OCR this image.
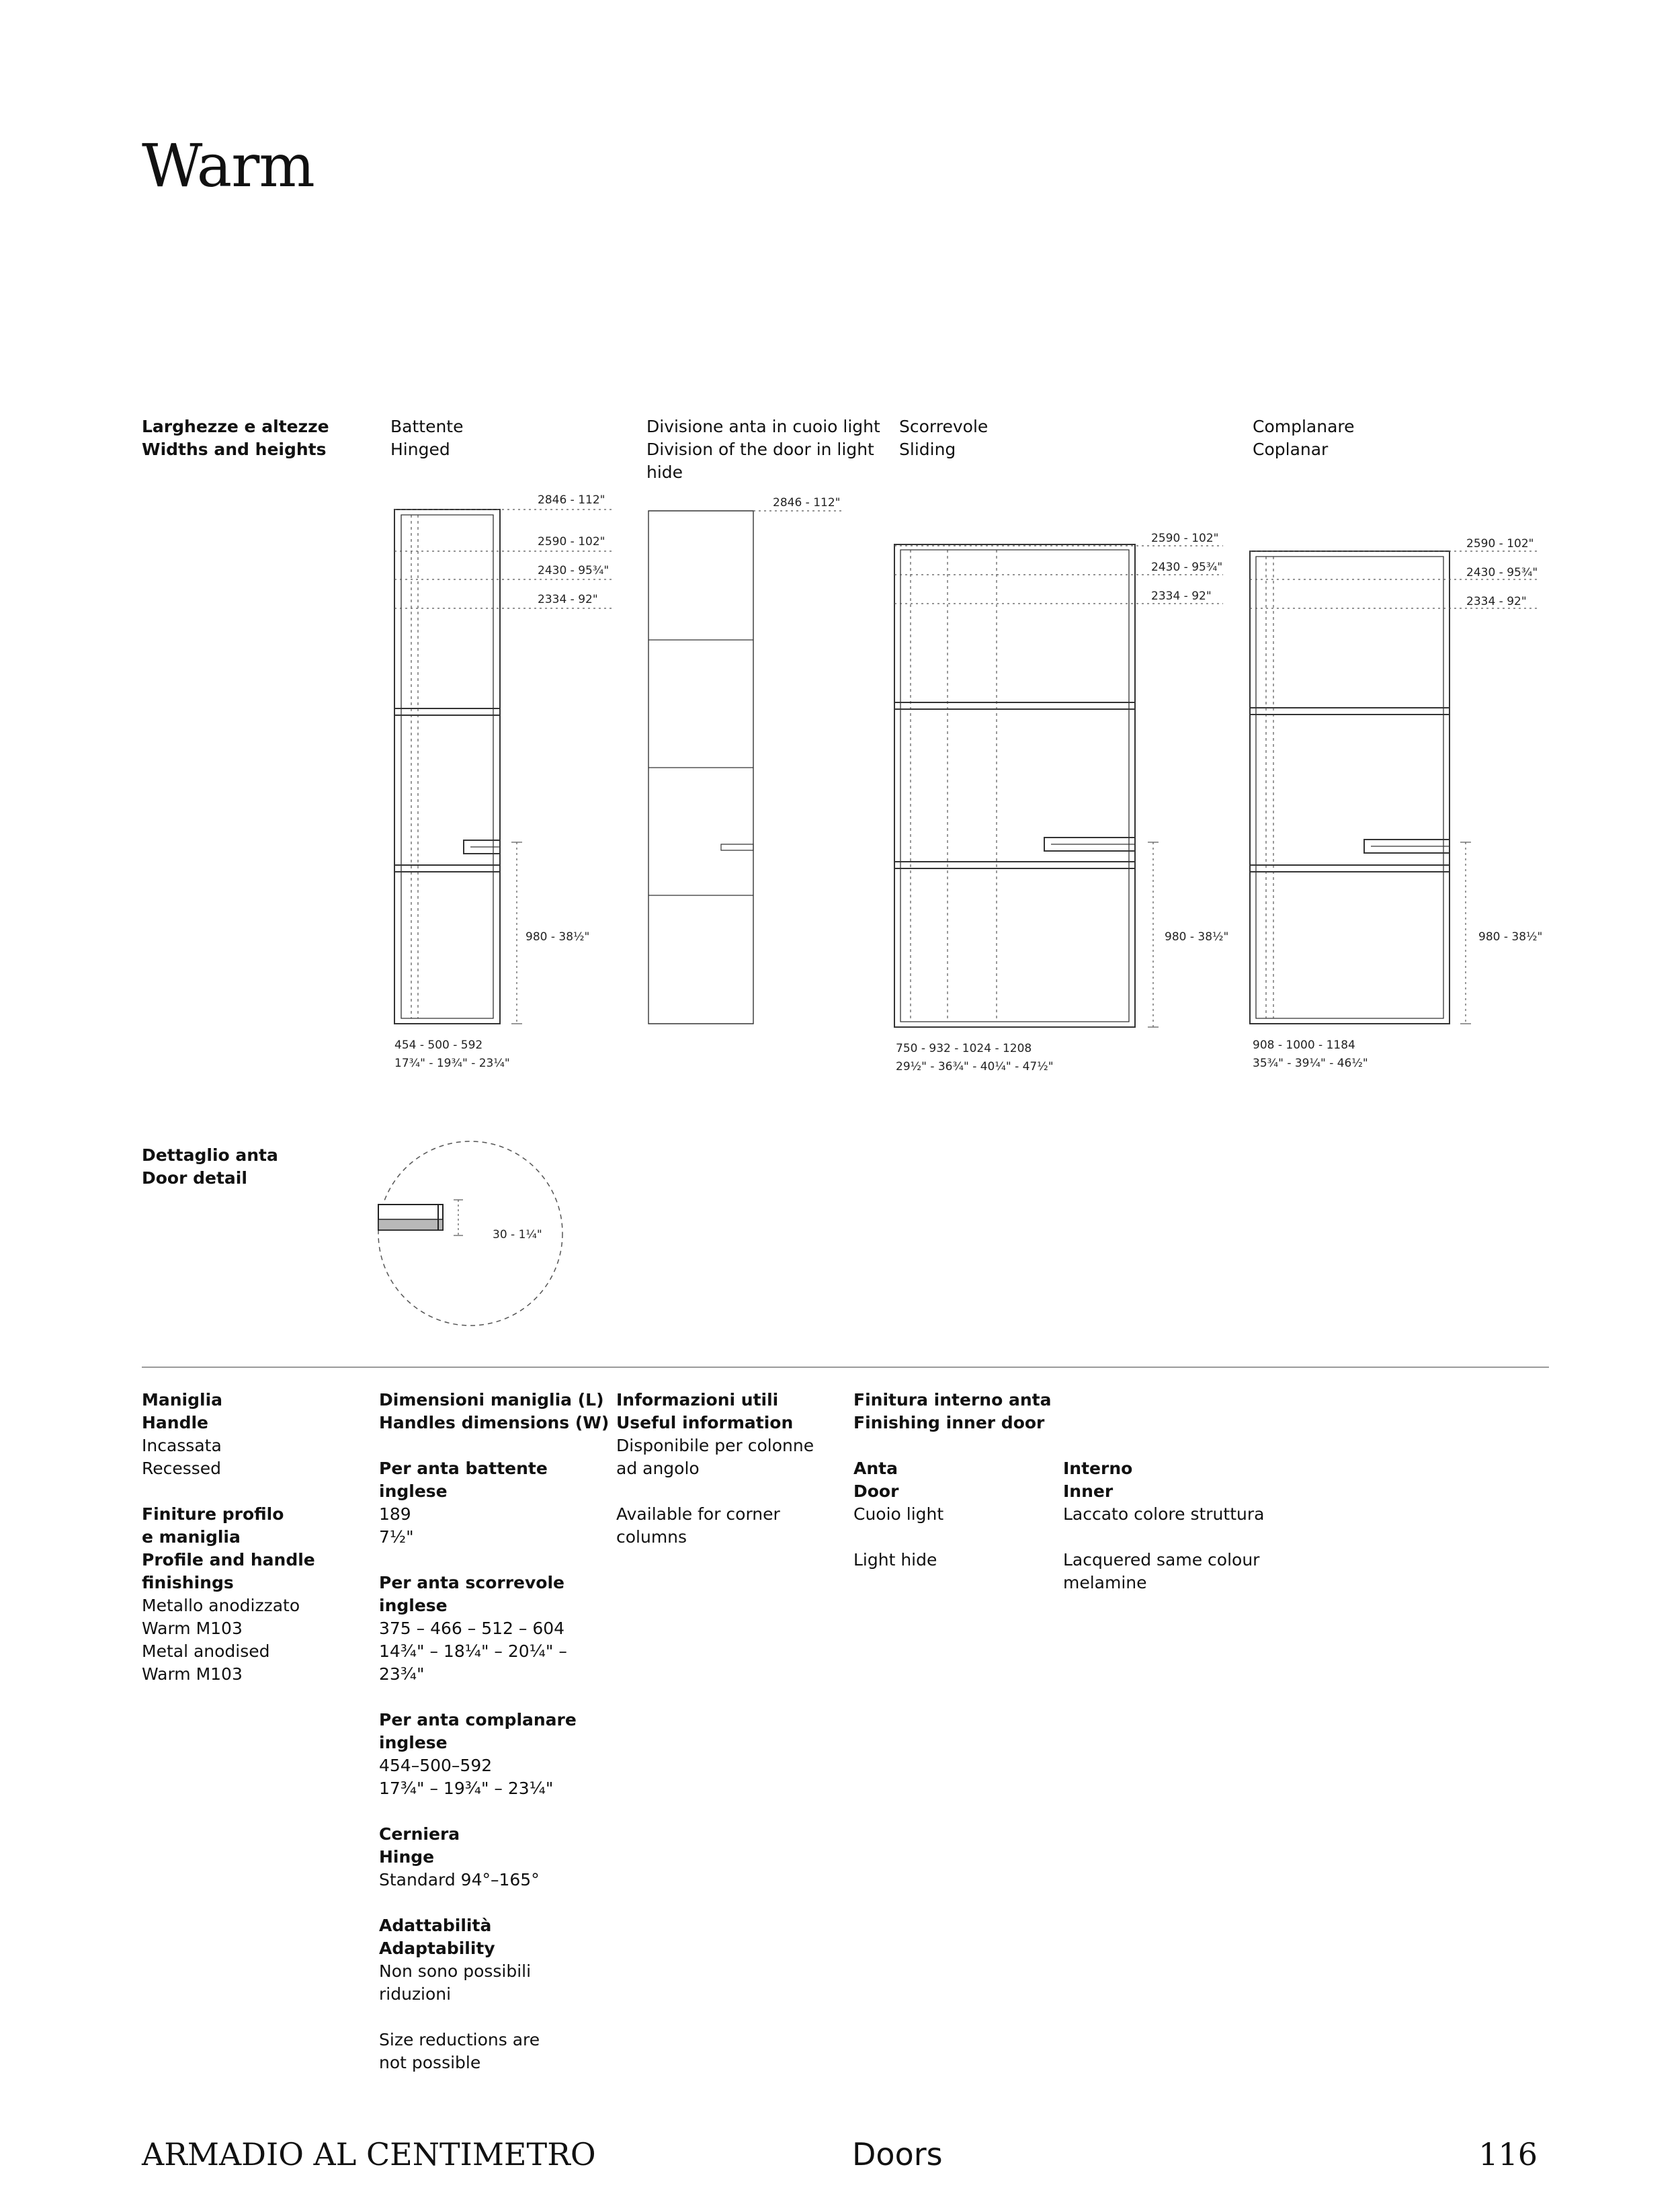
Warm
Larghezze e altezze
Widths and heights
Battente
Hinged
Divisione anta in cuoio light
Division of the door in light
hide
Scorrevole
Sliding
Complanare
Coplanar
2846 - 112"
2590 - 102"
2430 - 95¾"
2334 - 92"
980 - 38½"
454 - 500 - 592
17¾" - 19¾" - 23¼"
2846 - 112"
2590 - 102"
2430 - 95¾"
2334 - 92"
980 - 38½"
750 - 932 - 1024 - 1208
29½" - 36¾" - 40¼" - 47½"
2590 - 102"
2430 - 95¾"
2334 - 92"
980 - 38½"
908 - 1000 - 1184
35¾" - 39¼" - 46½"
Dettaglio anta
Door detail
30 - 1¼"
Maniglia
Handle
Incassata
Recessed
Finiture profilo
e maniglia
Profile and handle
finishings
Metallo anodizzato
Warm M103
Metal anodised
Warm M103
Dimensioni maniglia (L)
Handles dimensions (W)
Per anta battente
inglese
189
7½"
Per anta scorrevole
inglese
375 – 466 – 512 – 604
14¾" – 18¼" – 20¼" –
23¾"
Per anta complanare
inglese
454–500–592
17¾" – 19¾" – 23¼"
Cerniera
Hinge
Standard 94°–165°
Adattabilità
Adaptability
Non sono possibili
riduzioni
Size reductions are
not possible
Informazioni utili
Useful information
Disponibile per colonne
ad angolo
Available for corner
columns
Finitura interno anta
Finishing inner door
Anta
Door
Cuoio light
Light hide
Interno
Inner
Laccato colore struttura
Lacquered same colour
melamine
ARMADIO AL CENTIMETRO	Doors	116
